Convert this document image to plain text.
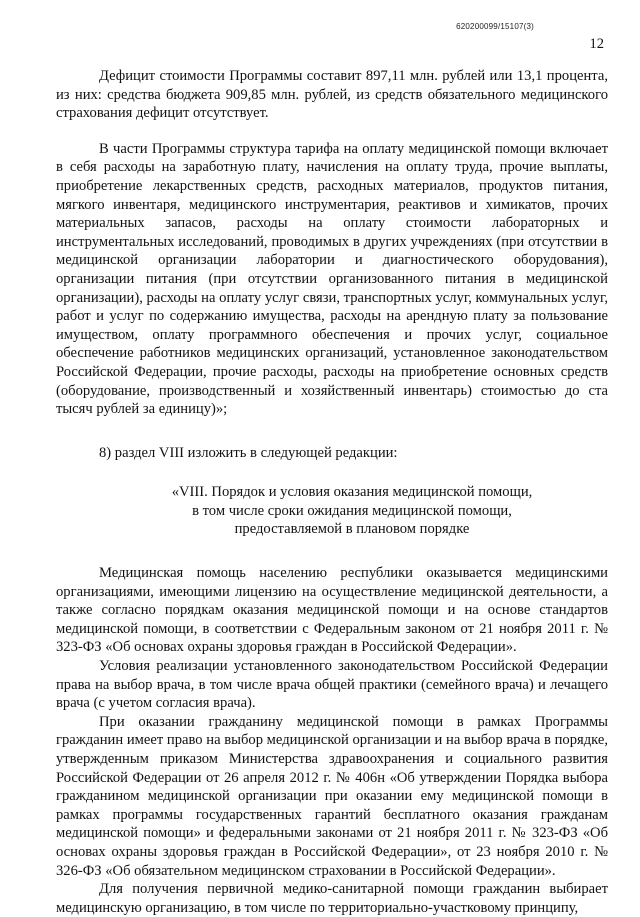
620200099/15107(3)
12

Дефицит стоимости Программы составит 897,11 млн. рублей или 13,1 процента, из них: средства бюджета 909,85 млн. рублей, из средств обязательного медицинского страхования дефицит отсутствует.

В части Программы структура тарифа на оплату медицинской помощи включает в себя расходы на заработную плату, начисления на оплату труда, прочие выплаты, приобретение лекарственных средств, расходных материалов, продуктов питания, мягкого инвентаря, медицинского инструментария, реактивов и химикатов, прочих материальных запасов, расходы на оплату стоимости лабораторных и инструментальных исследований, проводимых в других учреждениях (при отсутствии в медицинской организации лаборатории и диагностического оборудования), организации питания (при отсутствии организованного питания в медицинской организации), расходы на оплату услуг связи, транспортных услуг, коммунальных услуг, работ и услуг по содержанию имущества, расходы на арендную плату за пользование имуществом, оплату программного обеспечения и прочих услуг, социальное обеспечение работников медицинских организаций, установленное законодательством Российской Федерации, прочие расходы, расходы на приобретение основных средств (оборудование, производственный и хозяйственный инвентарь) стоимостью до ста тысяч рублей за единицу)»;

8) раздел VIII изложить в следующей редакции:

«VIII. Порядок и условия оказания медицинской помощи,
в том числе сроки ожидания медицинской помощи,
предоставляемой в плановом порядке

Медицинская помощь населению республики оказывается медицинскими организациями, имеющими лицензию на осуществление медицинской деятельности, а также согласно порядкам оказания медицинской помощи и на основе стандартов медицинской помощи, в соответствии с Федеральным законом от 21 ноября 2011 г. № 323-ФЗ «Об основах охраны здоровья граждан в Российской Федерации».

Условия реализации установленного законодательством Российской Федерации права на выбор врача, в том числе врача общей практики (семейного врача) и лечащего врача (с учетом согласия врача).

При оказании гражданину медицинской помощи в рамках Программы гражданин имеет право на выбор медицинской организации и на выбор врача в порядке, утвержденным приказом Министерства здравоохранения и социального развития Российской Федерации от 26 апреля 2012 г. № 406н «Об утверждении Порядка выбора гражданином медицинской организации при оказании ему медицинской помощи в рамках программы государственных гарантий бесплатного оказания гражданам медицинской помощи» и федеральными законами от 21 ноября 2011 г. № 323-ФЗ «Об основах охраны здоровья граждан в Российской Федерации», от 23 ноября 2010 г. № 326-ФЗ «Об обязательном медицинском страховании в Российской Федерации».

Для получения первичной медико-санитарной помощи гражданин выбирает медицинскую организацию, в том числе по территориально-участковому принципу,
